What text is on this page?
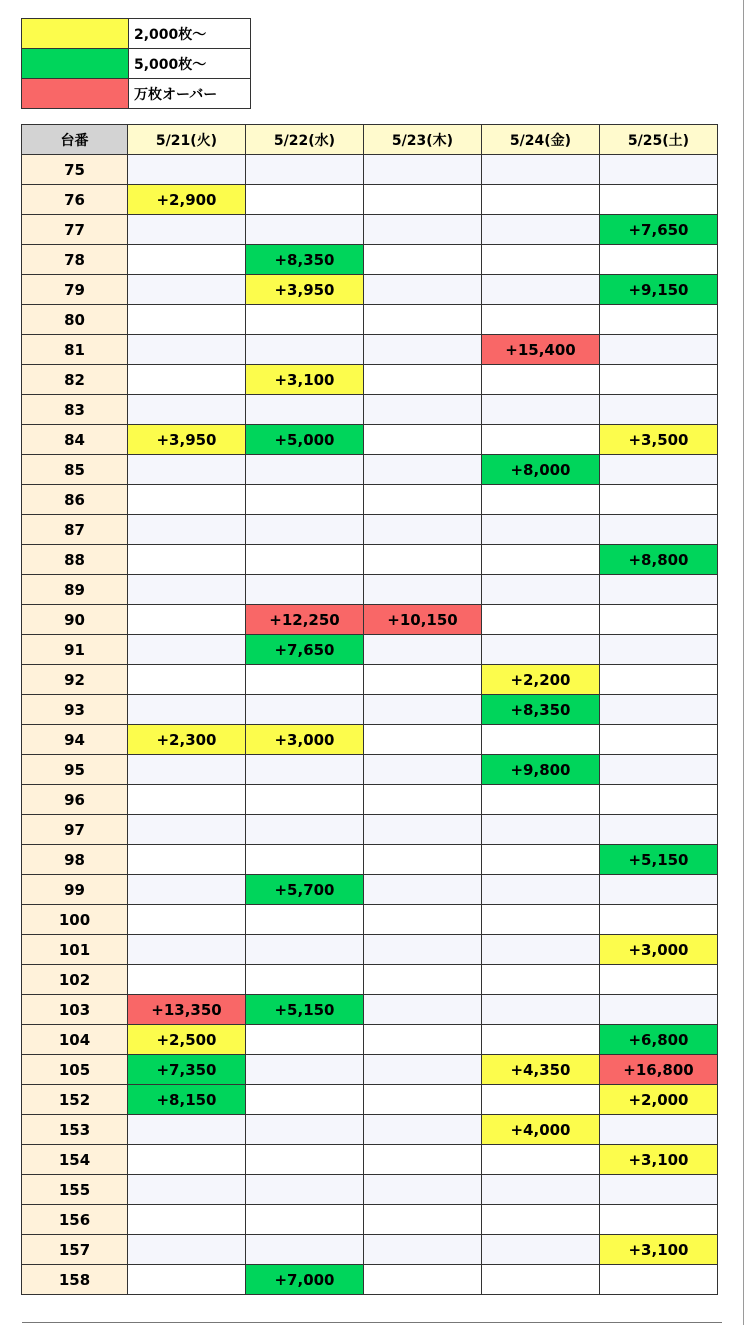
	2,000枚～
	5,000枚～
	万枚オーバー
台番	5/21(火)	5/22(水)	5/23(木)	5/24(金)	5/25(土)
75					
76	+2,900				
77					+7,650
78		+8,350			
79		+3,950			+9,150
80					
81				+15,400	
82		+3,100			
83					
84	+3,950	+5,000			+3,500
85				+8,000	
86					
87					
88					+8,800
89					
90		+12,250	+10,150		
91		+7,650			
92				+2,200	
93				+8,350	
94	+2,300	+3,000			
95				+9,800	
96					
97					
98					+5,150
99		+5,700			
100					
101					+3,000
102					
103	+13,350	+5,150			
104	+2,500				+6,800
105	+7,350			+4,350	+16,800
152	+8,150				+2,000
153				+4,000	
154					+3,100
155					
156					
157					+3,100
158		+7,000			
